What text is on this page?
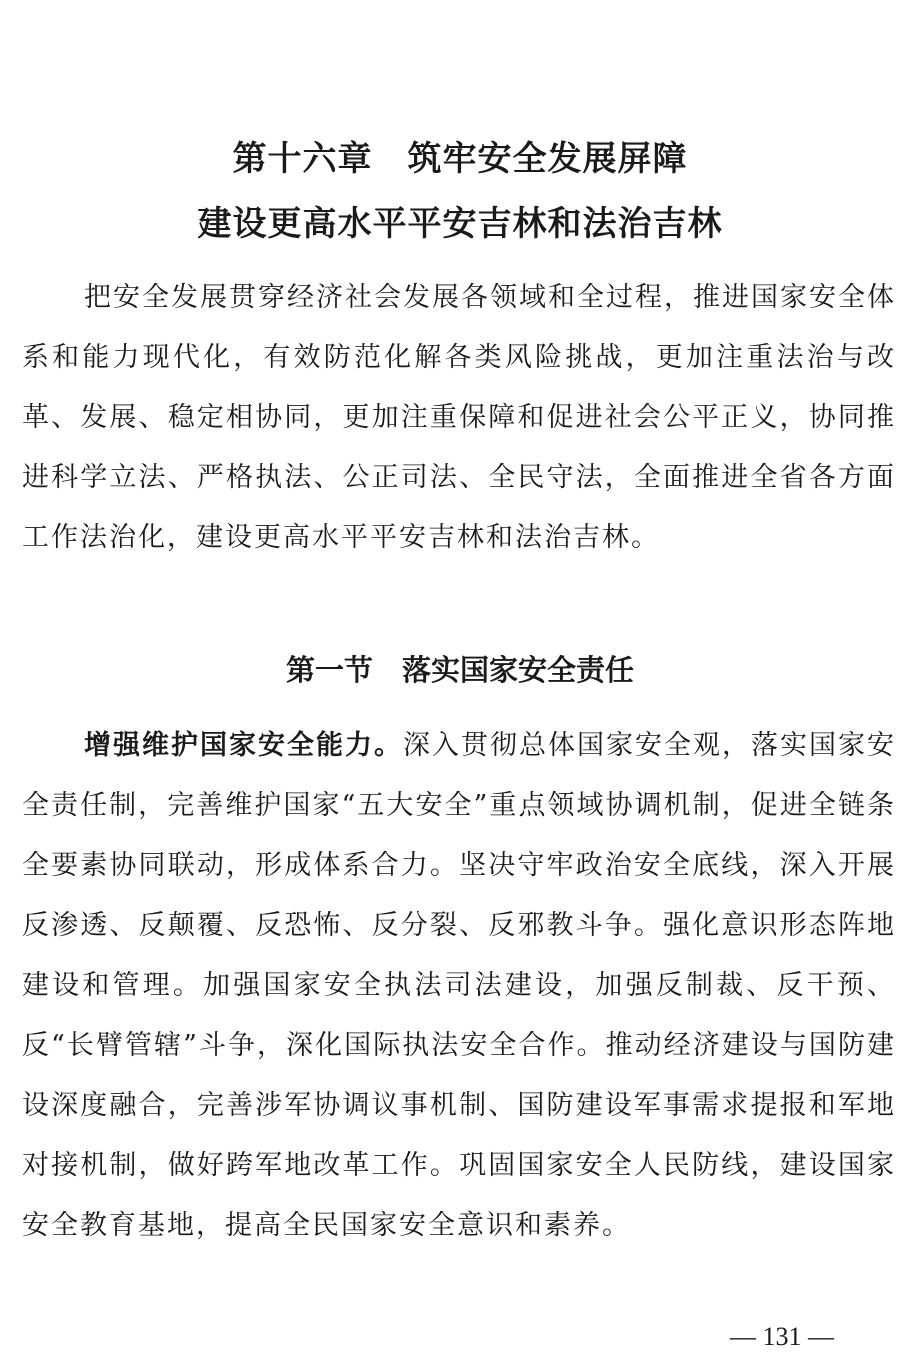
第十六章　筑牢安全发展屏障
建设更高水平平安吉林和法治吉林

把安全发展贯穿经济社会发展各领域和全过程，推进国家安全体系和能力现代化，有效防范化解各类风险挑战，更加注重法治与改革、发展、稳定相协同，更加注重保障和促进社会公平正义，协同推进科学立法、严格执法、公正司法、全民守法，全面推进全省各方面工作法治化，建设更高水平平安吉林和法治吉林。

第一节　落实国家安全责任

增强维护国家安全能力。深入贯彻总体国家安全观，落实国家安全责任制，完善维护国家“五大安全”重点领域协调机制，促进全链条全要素协同联动，形成体系合力。坚决守牢政治安全底线，深入开展反渗透、反颠覆、反恐怖、反分裂、反邪教斗争。强化意识形态阵地建设和管理。加强国家安全执法司法建设，加强反制裁、反干预、反“长臂管辖”斗争，深化国际执法安全合作。推动经济建设与国防建设深度融合，完善涉军协调议事机制、国防建设军事需求提报和军地对接机制，做好跨军地改革工作。巩固国家安全人民防线，建设国家安全教育基地，提高全民国家安全意识和素养。

— 131 —
